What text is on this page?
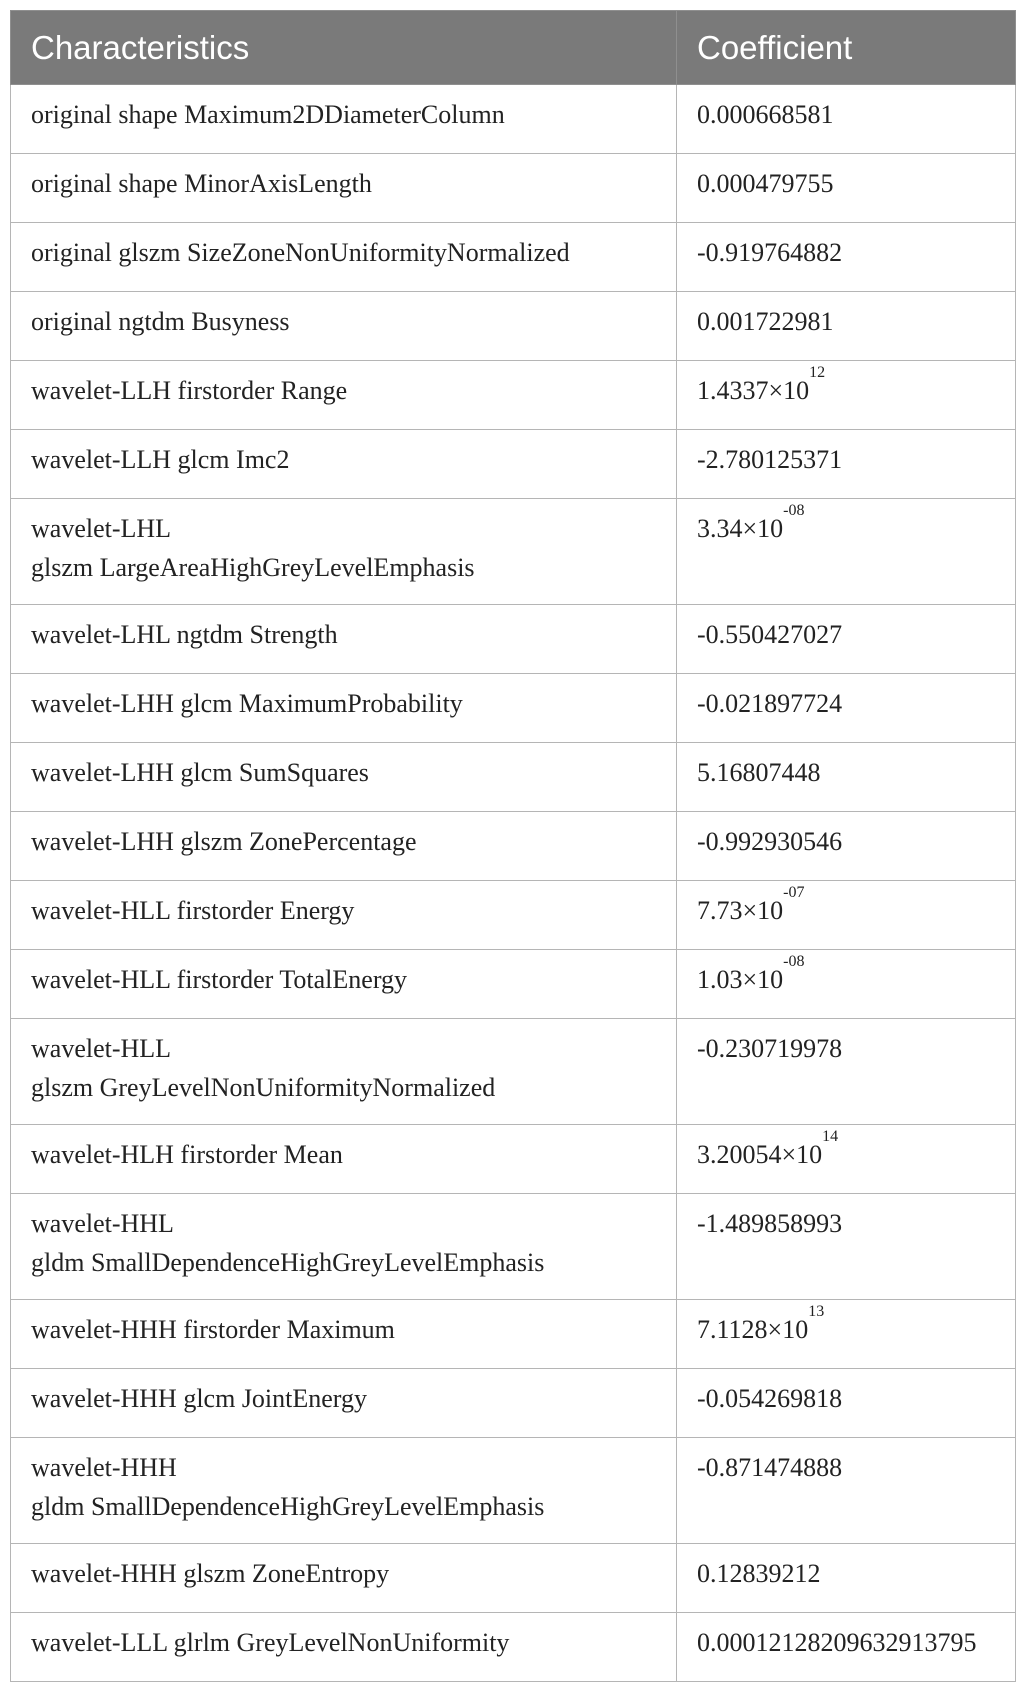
Characteristics	Coefficient
original shape Maximum2DDiameterColumn	0.000668581
original shape MinorAxisLength	0.000479755
original glszm SizeZoneNonUniformityNormalized	-0.919764882
original ngtdm Busyness	0.001722981
wavelet-LLH firstorder Range	$1.4337\times 10^{12}$
wavelet-LLH glcm Imc2	-2.780125371
wavelet-LHL
glszm LargeAreaHighGreyLevelEmphasis	$3.34\times 10^{-08}$
wavelet-LHL ngtdm Strength	-0.550427027
wavelet-LHH glcm MaximumProbability	-0.021897724
wavelet-LHH glcm SumSquares	5.16807448
wavelet-LHH glszm ZonePercentage	-0.992930546
wavelet-HLL firstorder Energy	$7.73\times 10^{-07}$
wavelet-HLL firstorder TotalEnergy	$1.03\times 10^{-08}$
wavelet-HLL
glszm GreyLevelNonUniformityNormalized	-0.230719978
wavelet-HLH firstorder Mean	$3.20054\times 10^{14}$
wavelet-HHL
gldm SmallDependenceHighGreyLevelEmphasis	-1.489858993
wavelet-HHH firstorder Maximum	$7.1128\times 10^{13}$
wavelet-HHH glcm JointEnergy	-0.054269818
wavelet-HHH
gldm SmallDependenceHighGreyLevelEmphasis	-0.871474888
wavelet-HHH glszm ZoneEntropy	0.12839212
wavelet-LLL glrlm GreyLevelNonUniformity	0.00012128209632913795
